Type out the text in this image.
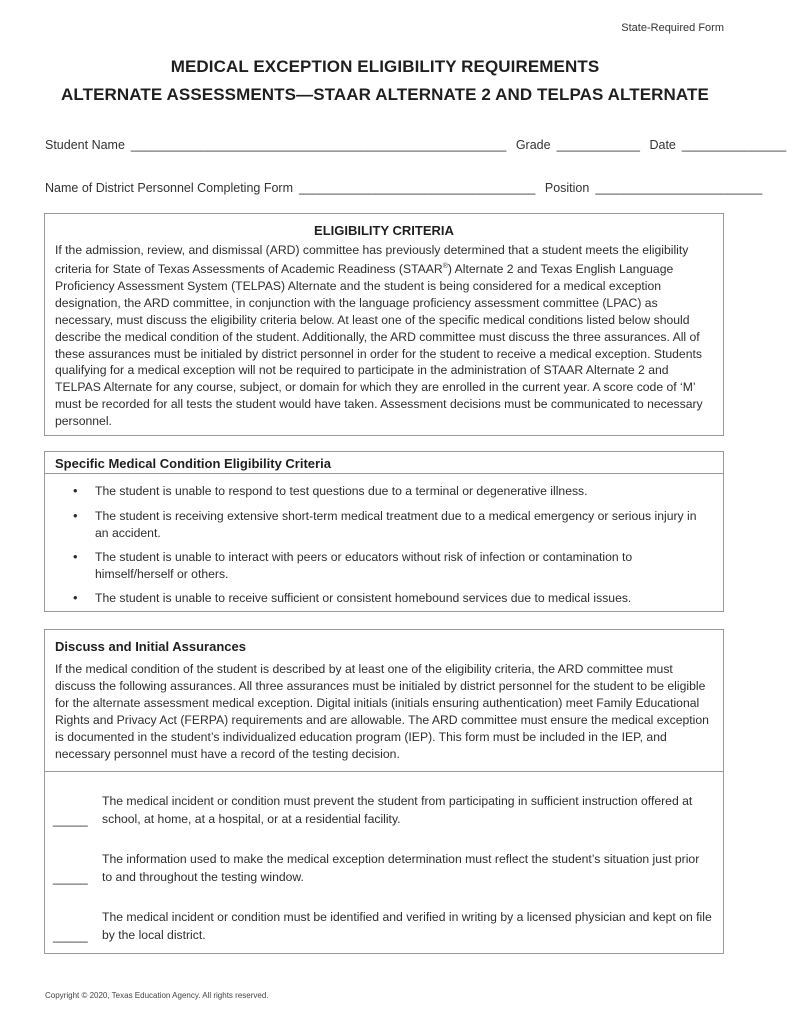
State-Required Form
MEDICAL EXCEPTION ELIGIBILITY REQUIREMENTS
ALTERNATE ASSESSMENTS—STAAR ALTERNATE 2 AND TELPAS ALTERNATE
Student Name ______________________________________________________ Grade ____________ Date _______________
Name of District Personnel Completing Form __________________________________ Position ________________________
ELIGIBILITY CRITERIA
If the admission, review, and dismissal (ARD) committee has previously determined that a student meets the eligibility criteria for State of Texas Assessments of Academic Readiness (STAAR®) Alternate 2 and Texas English Language Proficiency Assessment System (TELPAS) Alternate and the student is being considered for a medical exception designation, the ARD committee, in conjunction with the language proficiency assessment committee (LPAC) as necessary, must discuss the eligibility criteria below. At least one of the specific medical conditions listed below should describe the medical condition of the student. Additionally, the ARD committee must discuss the three assurances. All of these assurances must be initialed by district personnel in order for the student to receive a medical exception. Students qualifying for a medical exception will not be required to participate in the administration of STAAR Alternate 2 and TELPAS Alternate for any course, subject, or domain for which they are enrolled in the current year. A score code of ‘M’ must be recorded for all tests the student would have taken. Assessment decisions must be communicated to necessary personnel.
Specific Medical Condition Eligibility Criteria
• The student is unable to respond to test questions due to a terminal or degenerative illness.
• The student is receiving extensive short-term medical treatment due to a medical emergency or serious injury in an accident.
• The student is unable to interact with peers or educators without risk of infection or contamination to himself/herself or others.
• The student is unable to receive sufficient or consistent homebound services due to medical issues.
Discuss and Initial Assurances
If the medical condition of the student is described by at least one of the eligibility criteria, the ARD committee must discuss the following assurances. All three assurances must be initialed by district personnel for the student to be eligible for the alternate assessment medical exception. Digital initials (initials ensuring authentication) meet Family Educational Rights and Privacy Act (FERPA) requirements and are allowable. The ARD committee must ensure the medical exception is documented in the student’s individualized education program (IEP). This form must be included in the IEP, and necessary personnel must have a record of the testing decision.
_____
The medical incident or condition must prevent the student from participating in sufficient instruction offered at school, at home, at a hospital, or at a residential facility.
_____
The information used to make the medical exception determination must reflect the student’s situation just prior to and throughout the testing window.
_____
The medical incident or condition must be identified and verified in writing by a licensed physician and kept on file by the local district.
Copyright © 2020, Texas Education Agency. All rights reserved.
